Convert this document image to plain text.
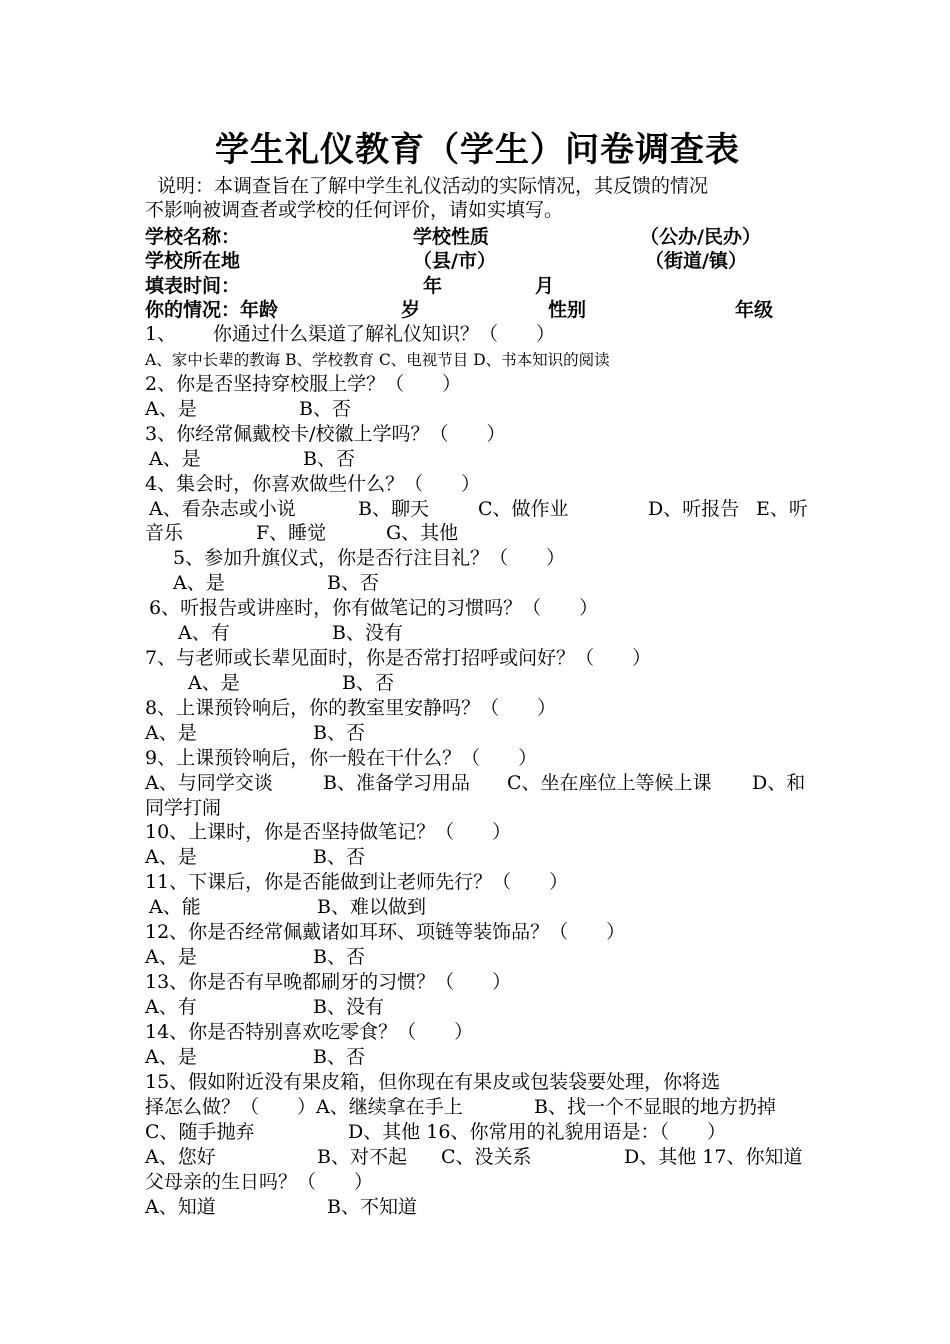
学生礼仪教育（学生）问卷调查表
说明：本调查旨在了解中学生礼仪活动的实际情况，其反馈的情况
不影响被调查者或学校的任何评价，请如实填写。
学校名称：	学校性质	（公办/民办）
学校所在地	（县/市）	（街道/镇）
填表时间：	年	月
你的情况：年龄	岁	性别	年级
1、 你通过什么渠道了解礼仪知识？（　　）
A、家中长辈的教诲 B、学校教育 C、电视节目 D、书本知识的阅读
2、你是否坚持穿校服上学？（　　）
A、是	B、否
3、你经常佩戴校卡/校徽上学吗？（　　）
A、是	B、否
4、集会时，你喜欢做些什么？（　　）
A、看杂志或小说	B、聊天	C、做作业	D、听报告 E、听
音乐	F、睡觉	G、其他
5、参加升旗仪式，你是否行注目礼？（　　）
A、是	B、否
6、听报告或讲座时，你有做笔记的习惯吗？（　　）
A、有	B、没有
7、与老师或长辈见面时，你是否常打招呼或问好？（　　）
A、是	B、否
8、上课预铃响后，你的教室里安静吗？（　　）
A、是	B、否
9、上课预铃响后，你一般在干什么？（　　）
A、与同学交谈	B、准备学习用品 C、坐在座位上等候上课 D、和
同学打闹
10、上课时，你是否坚持做笔记？（　　）
A、是	B、否
11、下课后，你是否能做到让老师先行？（　　）
A、能	B、难以做到
12、你是否经常佩戴诸如耳环、项链等装饰品？（　　）
A、是	B、否
13、你是否有早晚都刷牙的习惯？（　　）
A、有	B、没有
14、你是否特别喜欢吃零食？（　　）
A、是	B、否
15、假如附近没有果皮箱，但你现在有果皮或包装袋要处理，你将选
择怎么做？（　　）A、继续拿在手上	B、找一个不显眼的地方扔掉
C、随手抛弃	D、其他 16、你常用的礼貌用语是：（　　）
A、您好	B、对不起 C、没关系	D、其他 17、你知道
父母亲的生日吗？（　　）
A、知道	B、不知道
